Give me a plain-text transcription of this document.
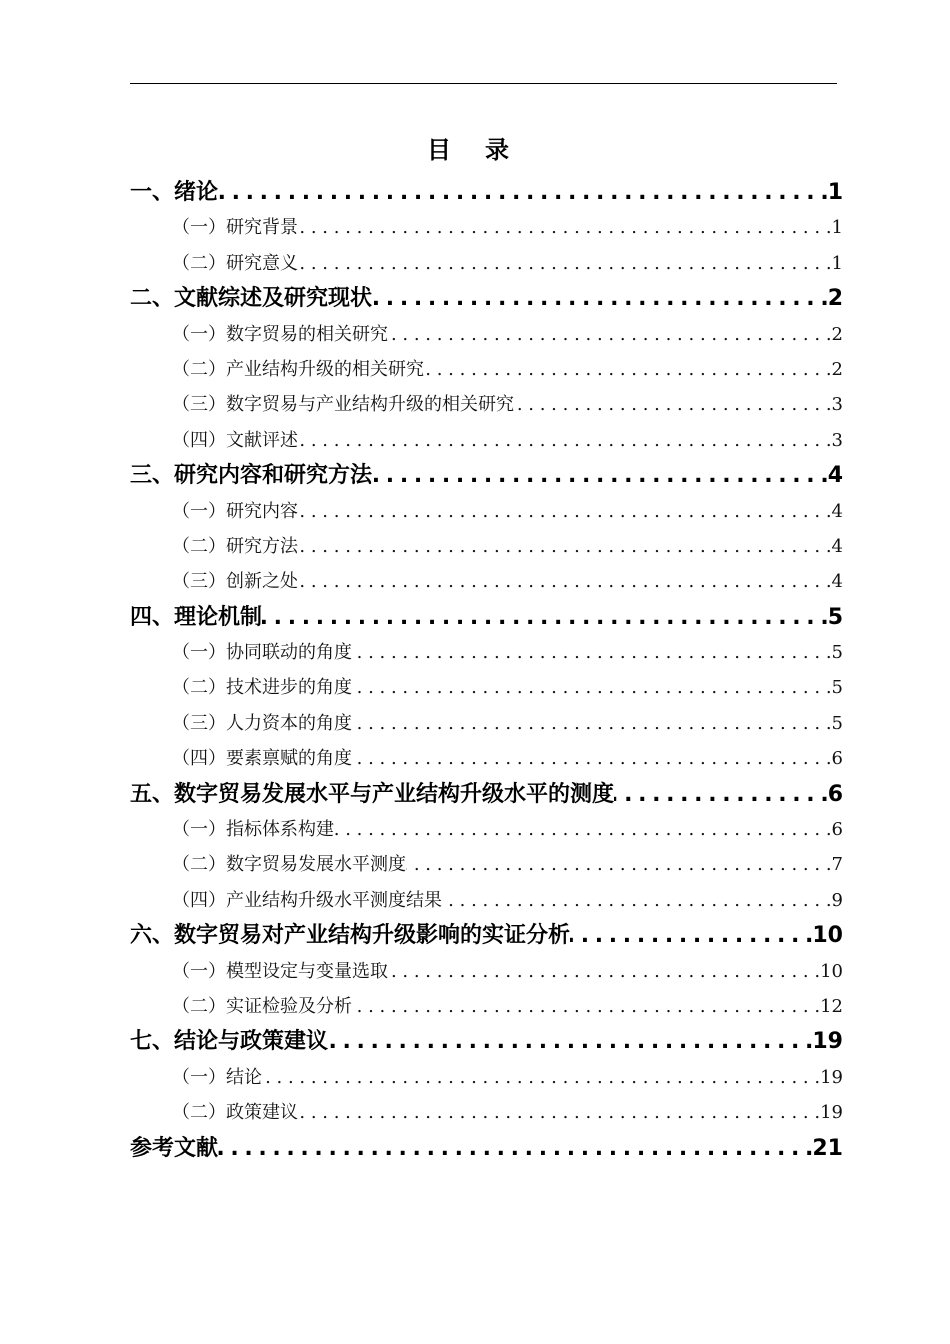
目录
一、绪论 . . .	1
（一）研究背景 . . .	1
（二）研究意义 . . .	1
二、文献综述及研究现状 . . .	2
（一）数字贸易的相关研究 . . .	2
（二）产业结构升级的相关研究 . . .	2
（三）数字贸易与产业结构升级的相关研究 . . .	3
（四）文献评述 . . .	3
三、研究内容和研究方法 . . .	4
（一）研究内容 . . .	4
（二）研究方法 . . .	4
（三）创新之处 . . .	4
四、理论机制 . . .	5
（一）协同联动的角度 . . .	5
（二）技术进步的角度 . . .	5
（三）人力资本的角度 . . .	5
（四）要素禀赋的角度 . . .	6
五、数字贸易发展水平与产业结构升级水平的测度 . . .	6
（一）指标体系构建 . . .	6
（二）数字贸易发展水平测度 . . .	7
（四）产业结构升级水平测度结果 . . .	9
六、数字贸易对产业结构升级影响的实证分析 . . .	10
（一）模型设定与变量选取 . . .	10
（二）实证检验及分析 . . .	12
七、结论与政策建议 . . .	19
（一）结论 . . .	19
（二）政策建议 . . .	19
参考文献 . . .	21
